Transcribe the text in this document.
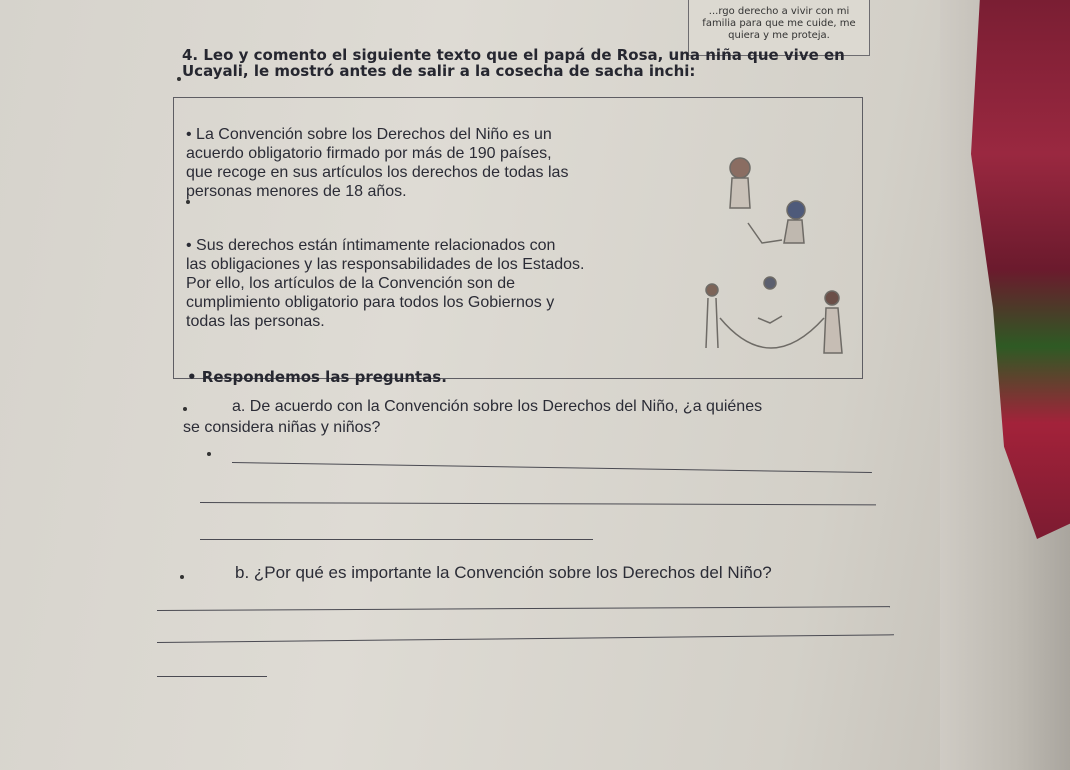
...rgo derecho a vivir con mi
familia para que me cuide, me
quiera y me proteja.
4. Leo y comento el siguiente texto que el papá de Rosa, una niña que vive en
Ucayali, le mostró antes de salir a la cosecha de sacha inchi:
• La Convención sobre los Derechos del Niño es un
acuerdo obligatorio firmado por más de 190 países,
que recoge en sus artículos los derechos de todas las
personas menores de 18 años.
• Sus derechos están íntimamente relacionados con
las obligaciones y las responsabilidades de los Estados.
Por ello, los artículos de la Convención son de
cumplimiento obligatorio para todos los Gobiernos y
todas las personas.
• Respondemos las preguntas.
a. De acuerdo con la Convención sobre los Derechos del Niño, ¿a quiénes
se considera niñas y niños?
b. ¿Por qué es importante la Convención sobre los Derechos del Niño?
